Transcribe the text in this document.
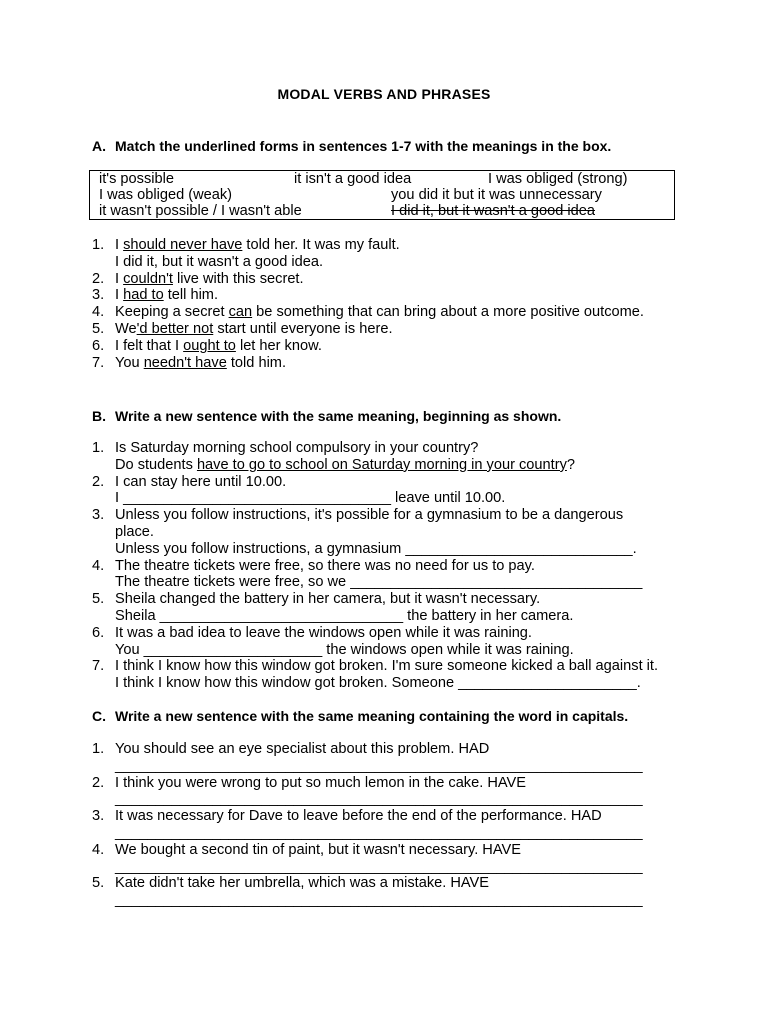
MODAL VERBS AND PHRASES
A. Match the underlined forms in sentences 1-7 with the meanings in the box.
it's possible	it isn't a good idea	I was obliged (strong)
I was obliged (weak)	you did it but it was unnecessary
it wasn't possible / I wasn't able	I did it, but it wasn't a good idea
1. I should never have told her. It was my fault.
I did it, but it wasn't a good idea.
2. I couldn't live with this secret.
3. I had to tell him.
4. Keeping a secret can be something that can bring about a more positive outcome.
5. We'd better not start until everyone is here.
6. I felt that I ought to let her know.
7. You needn't have told him.
B. Write a new sentence with the same meaning, beginning as shown.
1. Is Saturday morning school compulsory in your country?
Do students have to go to school on Saturday morning in your country?
2. I can stay here until 10.00.
I _________________________________ leave until 10.00.
3. Unless you follow instructions, it's possible for a gymnasium to be a dangerous
place.
Unless you follow instructions, a gymnasium ____________________________.
4. The theatre tickets were free, so there was no need for us to pay.
The theatre tickets were free, so we ____________________________________
5. Sheila changed the battery in her camera, but it wasn't necessary.
Sheila ______________________________ the battery in her camera.
6. It was a bad idea to leave the windows open while it was raining.
You ______________________ the windows open while it was raining.
7. I think I know how this window got broken. I'm sure someone kicked a ball against it.
I think I know how this window got broken. Someone ______________________.
C. Write a new sentence with the same meaning containing the word in capitals.
1. You should see an eye specialist about this problem. HAD
_________________________________________________________________
2. I think you were wrong to put so much lemon in the cake. HAVE
_________________________________________________________________
3. It was necessary for Dave to leave before the end of the performance. HAD
_________________________________________________________________
4. We bought a second tin of paint, but it wasn't necessary. HAVE
_________________________________________________________________
5. Kate didn't take her umbrella, which was a mistake. HAVE
_________________________________________________________________
